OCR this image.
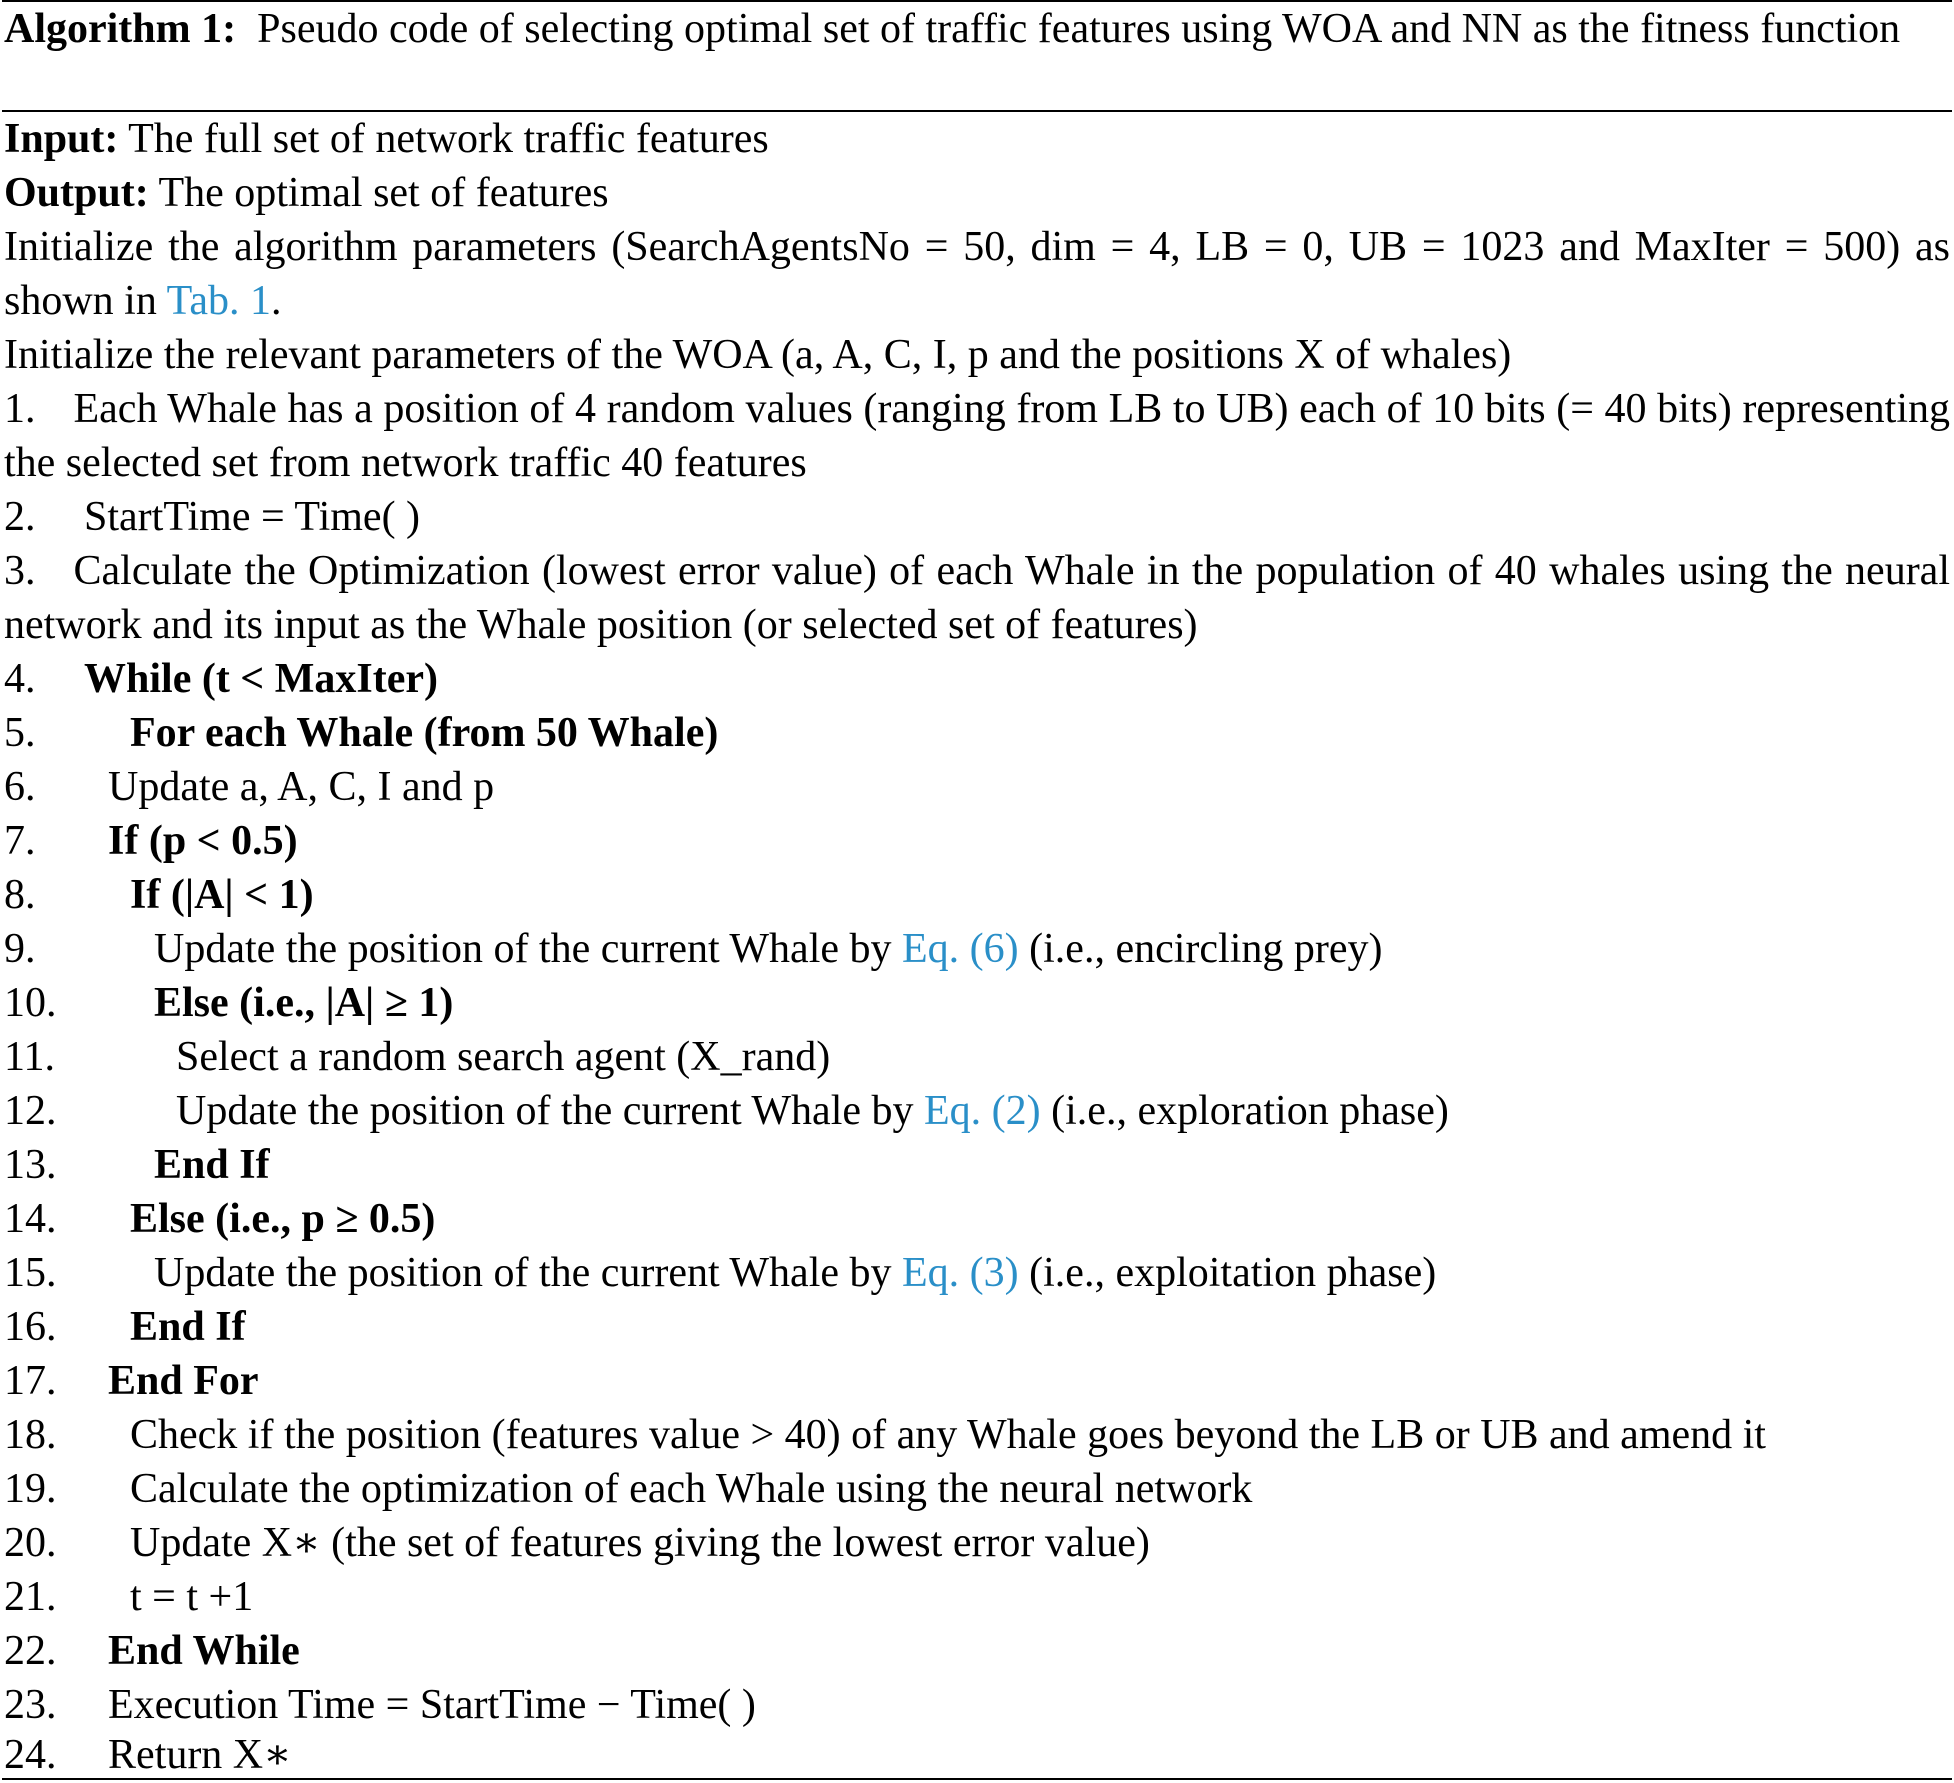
Algorithm 1: Pseudo code of selecting optimal set of traffic features using WOA and NN as the fitness function
Input: The full set of network traffic features
Output: The optimal set of features
Initialize the algorithm parameters (SearchAgentsNo = 50, dim = 4, LB = 0, UB = 1023 and MaxIter = 500) as shown in Tab. 1.
Initialize the relevant parameters of the WOA (a, A, C, I, p and the positions X of whales)
1. Each Whale has a position of 4 random values (ranging from LB to UB) each of 10 bits (= 40 bits) representing the selected set from network traffic 40 features
2. StartTime = Time( )
3. Calculate the Optimization (lowest error value) of each Whale in the population of 40 whales using the neural network and its input as the Whale position (or selected set of features)
4. While (t < MaxIter)
5. For each Whale (from 50 Whale)
6. Update a, A, C, I and p
7. If (p < 0.5)
8. If (|A| < 1)
9.	Update the position of the current Whale by Eq. (6) (i.e., encircling prey)
10. Else (i.e., |A| ≥ 1)
11.	Select a random search agent (X_rand)
12.	Update the position of the current Whale by Eq. (2) (i.e., exploration phase)
13. End If
14. Else (i.e., p ≥ 0.5)
15. Update the position of the current Whale by Eq. (3) (i.e., exploitation phase)
16. End If
17. End For
18. Check if the position (features value > 40) of any Whale goes beyond the LB or UB and amend it
19. Calculate the optimization of each Whale using the neural network
20. Update X∗ (the set of features giving the lowest error value)
21. t = t +1
22. End While
23. Execution Time = StartTime − Time( )
24. Return X∗
